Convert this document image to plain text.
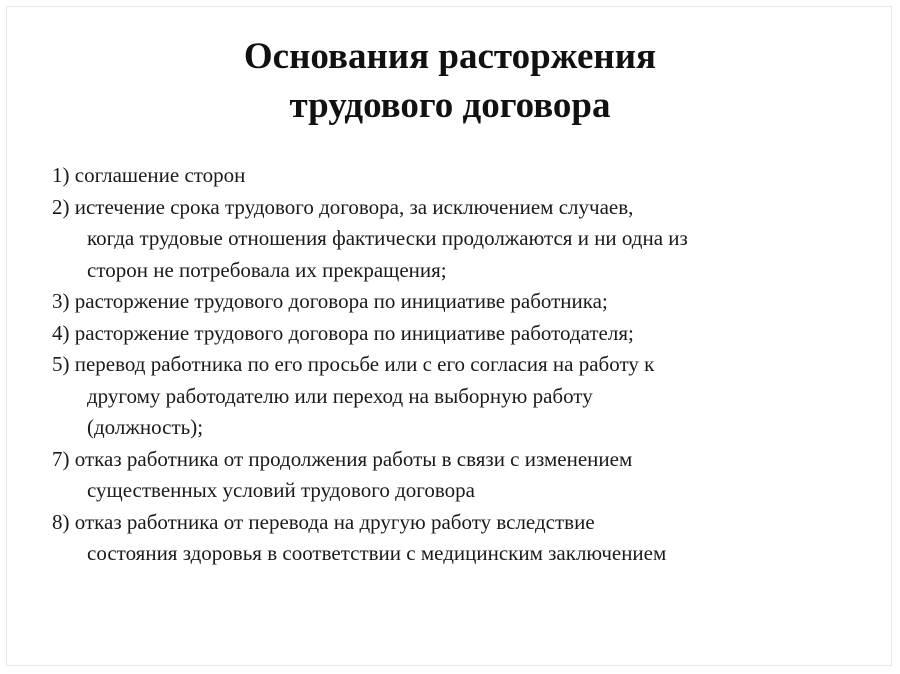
Основания расторжения
трудового договора
1) соглашение сторон
2) истечение срока трудового договора, за исключением случаев,
когда трудовые отношения фактически продолжаются и ни одна из
сторон не потребовала их прекращения;
3) расторжение трудового договора по инициативе работника;
4) расторжение трудового договора по инициативе работодателя;
5) перевод работника по его просьбе или с его согласия на работу к
другому работодателю или переход на выборную работу
(должность);
7) отказ работника от продолжения работы в связи с изменением
существенных условий трудового договора
8) отказ работника от перевода на другую работу вследствие
состояния здоровья в соответствии с медицинским заключением
